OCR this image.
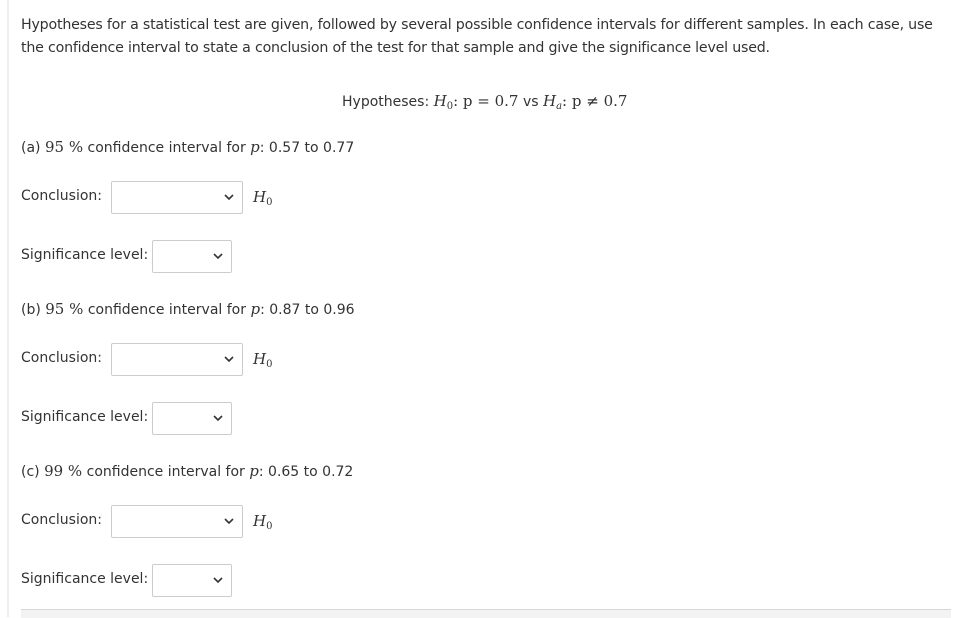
Hypotheses for a statistical test are given, followed by several possible confidence intervals for different samples. In each case, use the confidence interval to state a conclusion of the test for that sample and give the significance level used.
Hypotheses: $H_0$: p = 0.7 vs $H_a$: p ≠ 0.7
(a) 95 % confidence interval for p: 0.57 to 0.77
Conclusion:	$H_0$
Significance level:
(b) 95 % confidence interval for p: 0.87 to 0.96
Conclusion:	$H_0$
Significance level:
(c) 99 % confidence interval for p: 0.65 to 0.72
Conclusion:	$H_0$
Significance level:
